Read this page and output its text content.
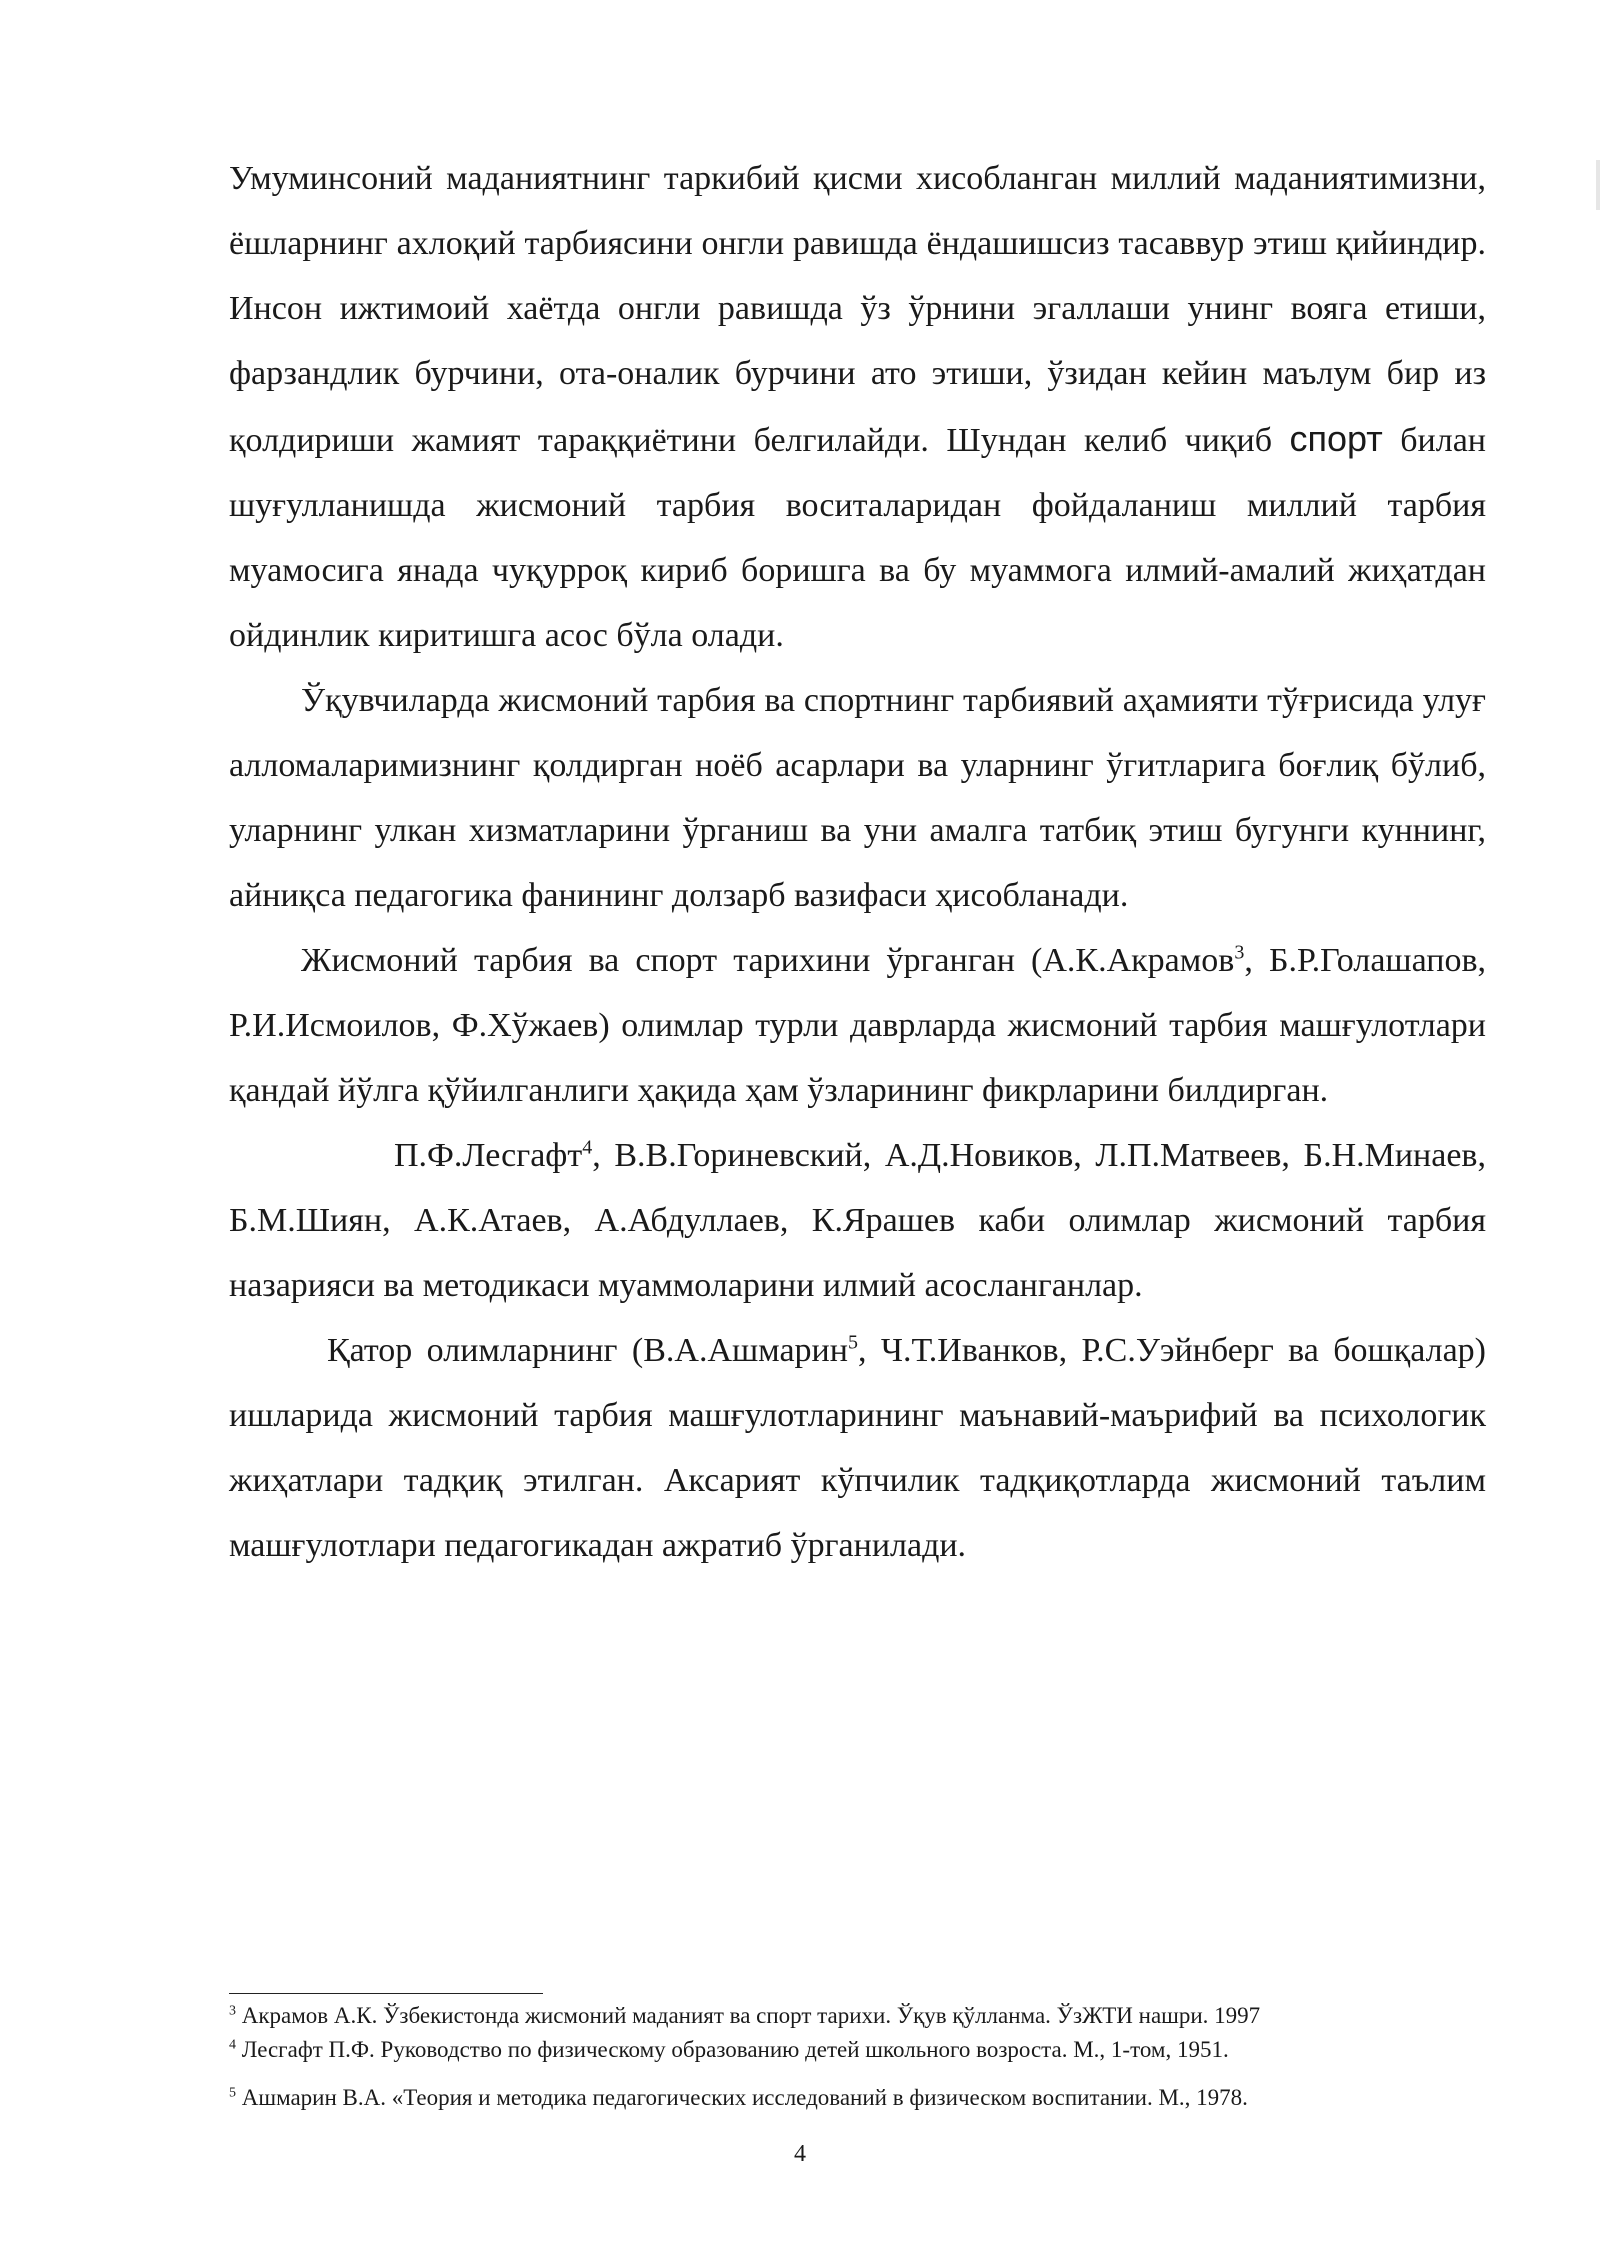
Умуминсоний маданиятнинг таркибий қисми хисобланган миллий маданиятимизни, ёшларнинг ахлоқий тарбиясини онгли равишда ёндашишсиз тасаввур этиш қийиндир. Инсон ижтимоий хаётда онгли равишда ўз ўрнини эгаллаши унинг вояга етиши, фарзандлик бурчини, ота-оналик бурчини ато этиши, ўзидан кейин маълум бир из қолдириши жамият тараққиётини белгилайди. Шундан келиб чиқиб спорт билан шуғулланишда жисмоний тарбия воситаларидан фойдаланиш миллий тарбия муамосига янада чуқурроқ кириб боришга ва бу муаммога илмий-амалий жиҳатдан ойдинлик киритишга асос бўла олади.

Ўқувчиларда жисмоний тарбия ва спортнинг тарбиявий аҳамияти тўғрисида улуғ алломаларимизнинг қолдирган ноёб асарлари ва уларнинг ўгитларига боғлиқ бўлиб, уларнинг улкан хизматларини ўрганиш ва уни амалга татбиқ этиш бугунги куннинг, айниқса педагогика фанининг долзарб вазифаси ҳисобланади.

Жисмоний тарбия ва спорт тарихини ўрганган (А.К.Акрамов$^3$, Б.Р.Голашапов, Р.И.Исмоилов, Ф.Хўжаев) олимлар турли даврларда жисмоний тарбия машғулотлари қандай йўлга қўйилганлиги ҳақида ҳам ўзларининг фикрларини билдирган.

П.Ф.Лесгафт$^4$, В.В.Гориневский, А.Д.Новиков, Л.П.Матвеев, Б.Н.Минаев, Б.М.Шиян, А.К.Атаев, А.Абдуллаев, К.Ярашев каби олимлар жисмоний тарбия назарияси ва методикаси муаммоларини илмий асосланганлар.

Қатор олимларнинг (В.А.Ашмарин$^5$, Ч.Т.Иванков, Р.С.Уэйнберг ва бошқалар) ишларида жисмоний тарбия машғулотларининг маънавий-маърифий ва психологик жиҳатлари тадқиқ этилган. Аксарият кўпчилик тадқиқотларда жисмоний таълим машғулотлари педагогикадан ажратиб ўрганилади.

$^3$ Акрамов А.К. Ўзбекистонда жисмоний маданият ва спорт тарихи. Ўқув қўлланма. ЎзЖТИ нашри. 1997

$^4$ Лесгафт П.Ф. Руководство по физическому образованию детей школьного возроста. М., 1-том, 1951.

$^5$ Ашмарин В.А. «Теория и методика педагогических исследований в физическом воспитании. М., 1978.

4
